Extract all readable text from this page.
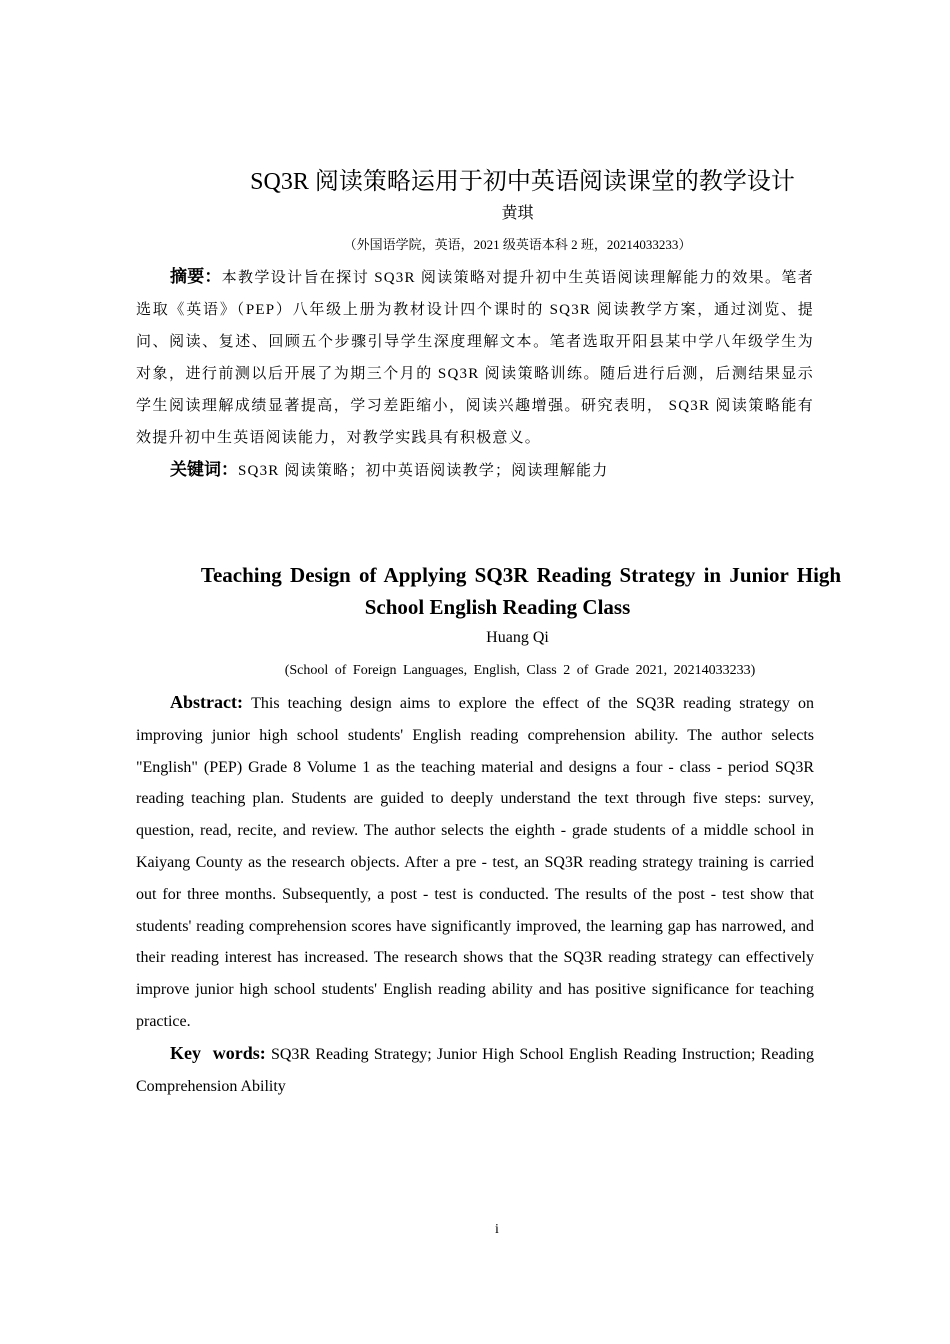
SQ3R 阅读策略运用于初中英语阅读课堂的教学设计
黄琪
（外国语学院，英语，2021 级英语本科 2 班，20214033233）
摘要：本教学设计旨在探讨 SQ3R 阅读策略对提升初中生英语阅读理解能力的效果。笔者选取《英语》（PEP）八年级上册为教材设计四个课时的 SQ3R 阅读教学方案，通过浏览、提问、阅读、复述、回顾五个步骤引导学生深度理解文本。笔者选取开阳县某中学八年级学生为对象，进行前测以后开展了为期三个月的 SQ3R 阅读策略训练。随后进行后测，后测结果显示学生阅读理解成绩显著提高，学习差距缩小，阅读兴趣增强。研究表明， SQ3R 阅读策略能有效提升初中生英语阅读能力，对教学实践具有积极意义。
关键词：SQ3R 阅读策略；初中英语阅读教学；阅读理解能力
Teaching Design of Applying SQ3R Reading Strategy in Junior High
School English Reading Class
Huang Qi
(School of Foreign Languages, English, Class 2 of Grade 2021, 20214033233)
Abstract: This teaching design aims to explore the effect of the SQ3R reading strategy on improving junior high school students' English reading comprehension ability. The author selects "English" (PEP) Grade 8 Volume 1 as the teaching material and designs a four - class - period SQ3R reading teaching plan. Students are guided to deeply understand the text through five steps: survey, question, read, recite, and review. The author selects the eighth - grade students of a middle school in Kaiyang County as the research objects. After a pre - test, an SQ3R reading strategy training is carried out for three months. Subsequently, a post - test is conducted. The results of the post - test show that students' reading comprehension scores have significantly improved, the learning gap has narrowed, and their reading interest has increased. The research shows that the SQ3R reading strategy can effectively improve junior high school students' English reading ability and has positive significance for teaching practice.
Key words: SQ3R Reading Strategy; Junior High School English Reading Instruction; Reading Comprehension Ability
i
